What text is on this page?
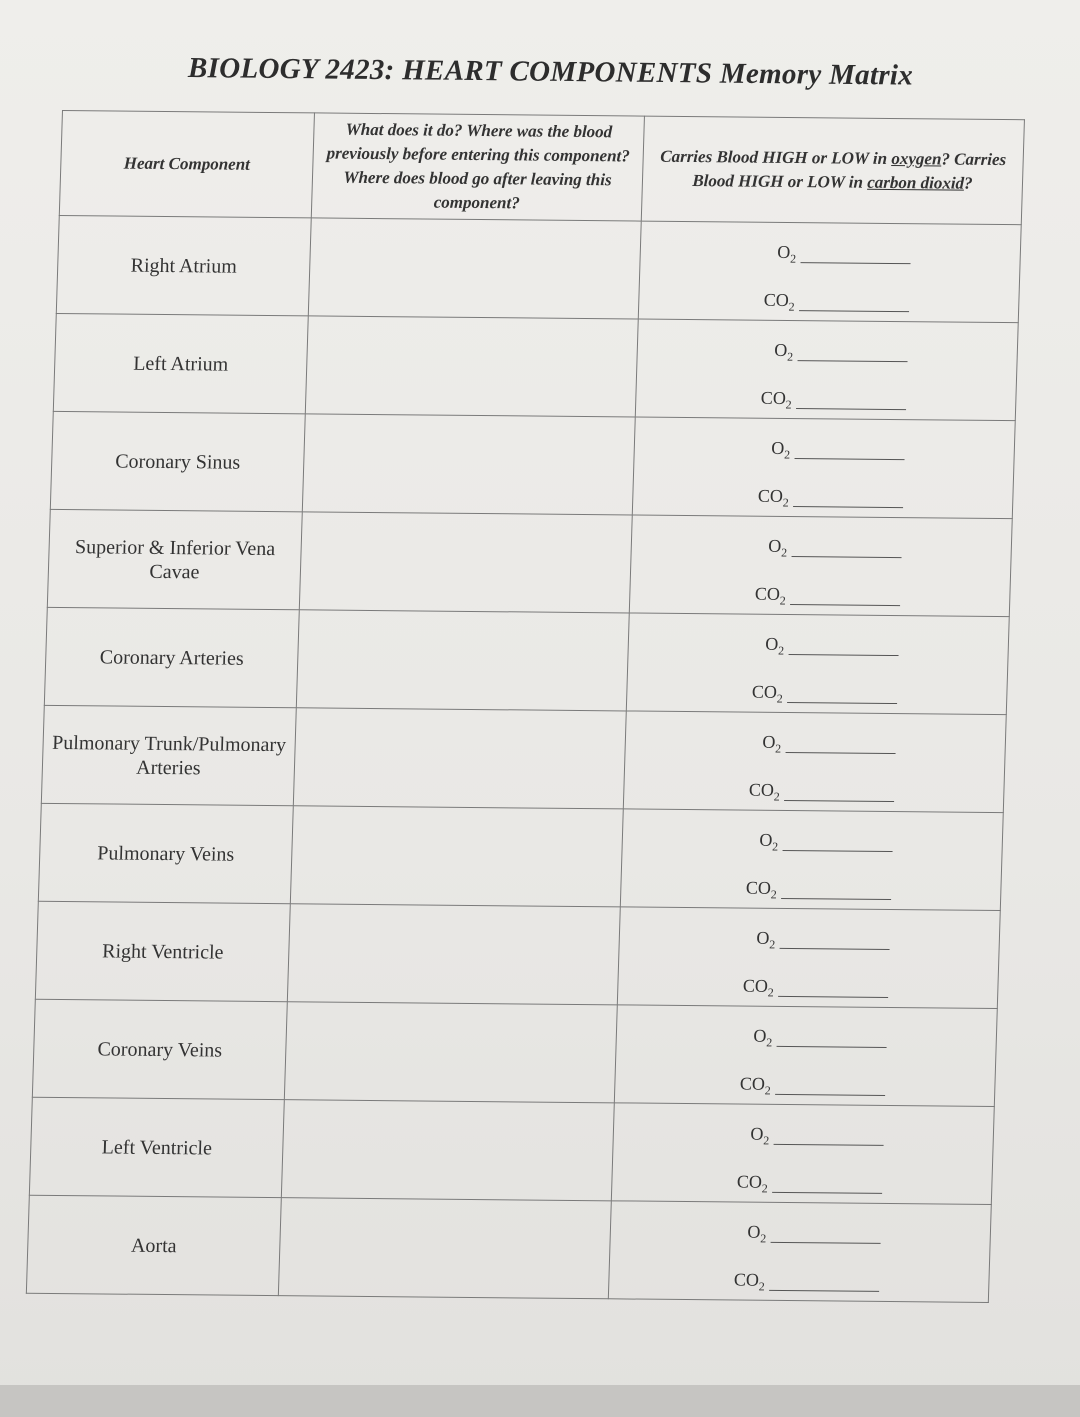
BIOLOGY 2423: HEART COMPONENTS Memory Matrix
Heart Component	What does it do? Where was the blood previously before entering this component? Where does blood go after leaving this component?	Carries Blood HIGH or LOW in oxygen? Carries Blood HIGH or LOW in carbon dioxid?
Right Atrium		$O_2$
$CO_2$

Left Atrium		$O_2$
$CO_2$

Coronary Sinus		$O_2$
$CO_2$

Superior & Inferior Vena Cavae		$O_2$
$CO_2$

Coronary Arteries		$O_2$
$CO_2$

Pulmonary Trunk/Pulmonary Arteries		$O_2$
$CO_2$

Pulmonary Veins		$O_2$
$CO_2$

Right Ventricle		$O_2$
$CO_2$

Coronary Veins		$O_2$
$CO_2$

Left Ventricle		$O_2$
$CO_2$

Aorta		$O_2$
$CO_2$
